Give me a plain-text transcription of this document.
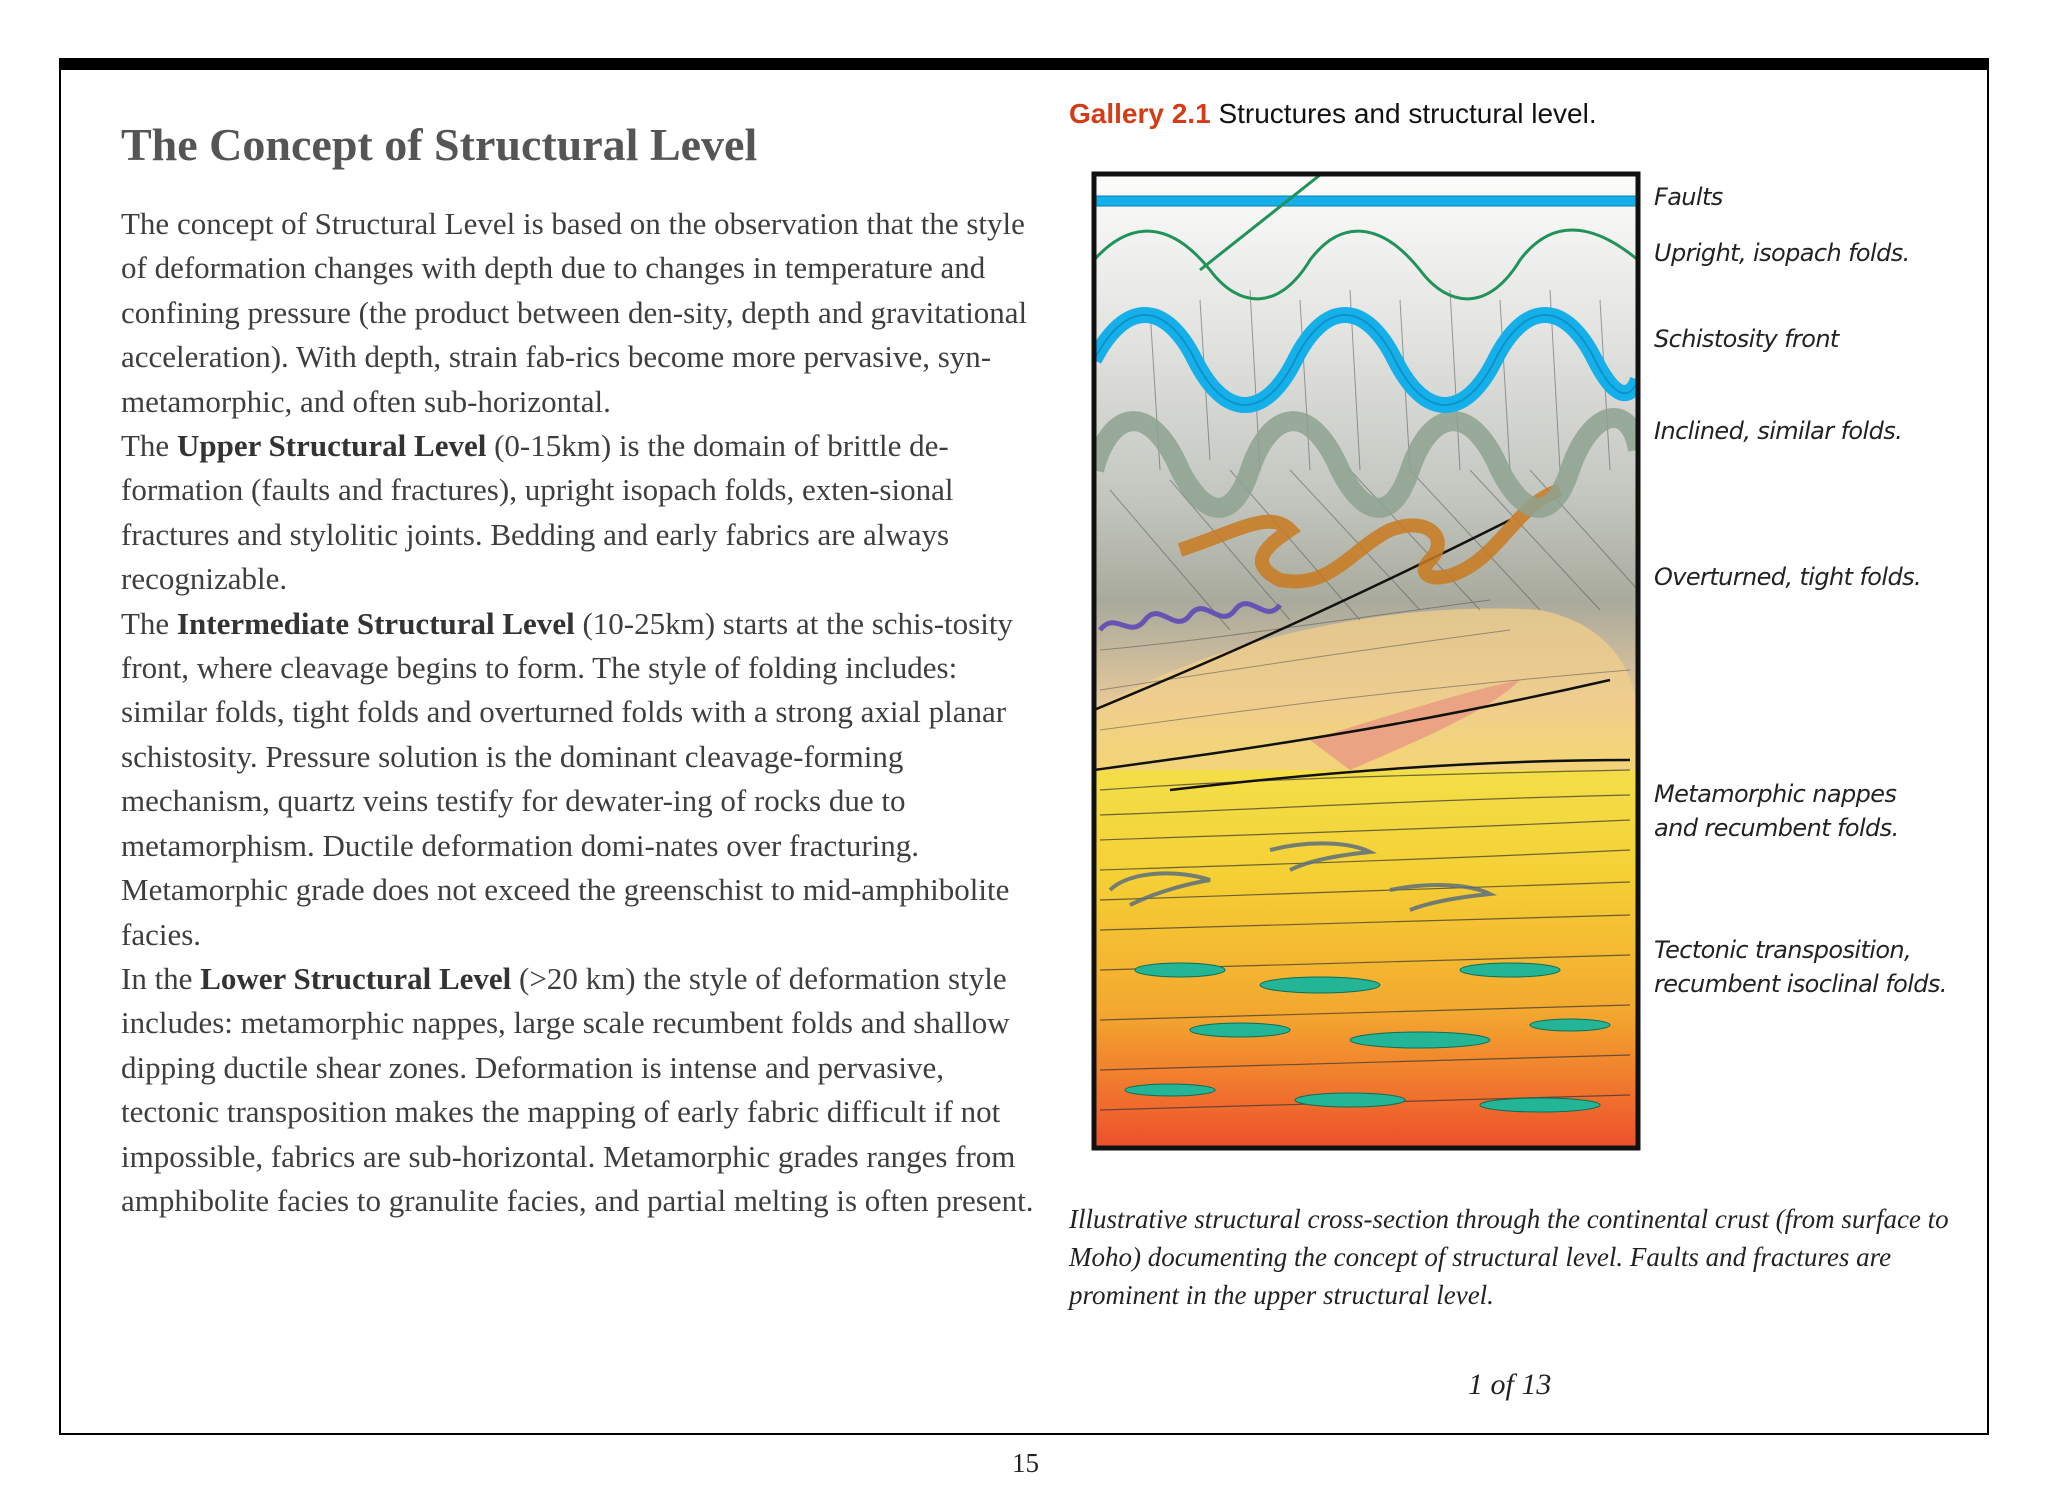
The Concept of Structural Level

The concept of Structural Level is based on the observation that the style of deformation changes with depth due to changes in temperature and confining pressure (the product between den-sity, depth and gravitational acceleration). With depth, strain fab-rics become more pervasive, syn-metamorphic, and often sub-horizontal.

The Upper Structural Level (0-15km) is the domain of brittle de-formation (faults and fractures), upright isopach folds, exten-sional fractures and stylolitic joints. Bedding and early fabrics are always recognizable.

The Intermediate Structural Level (10-25km) starts at the schis-tosity front, where cleavage begins to form. The style of folding includes: similar folds, tight folds and overturned folds with a strong axial planar schistosity. Pressure solution is the dominant cleavage-forming mechanism, quartz veins testify for dewater-ing of rocks due to metamorphism. Ductile deformation domi-nates over fracturing. Metamorphic grade does not exceed the greenschist to mid-amphibolite facies.

In the Lower Structural Level (>20 km) the style of deformation style includes: metamorphic nappes, large scale recumbent folds and shallow dipping ductile shear zones. Deformation is intense and pervasive, tectonic transposition makes the mapping of early fabric difficult if not impossible, fabrics are sub-horizontal. Metamorphic grades ranges from amphibolite facies to granulite facies, and partial melting is often present.

Gallery 2.1 Structures and structural level.
Faults
Upright, isopach folds.
Schistosity front
Inclined, similar folds.
Overturned, tight folds.
Metamorphic nappes
and recumbent folds.
Tectonic transposition,
recumbent isoclinal folds.
Illustrative structural cross-section through the continental crust (from surface to Moho) documenting the concept of structural level. Faults and fractures are prominent in the upper structural level.
1 of 13
15
